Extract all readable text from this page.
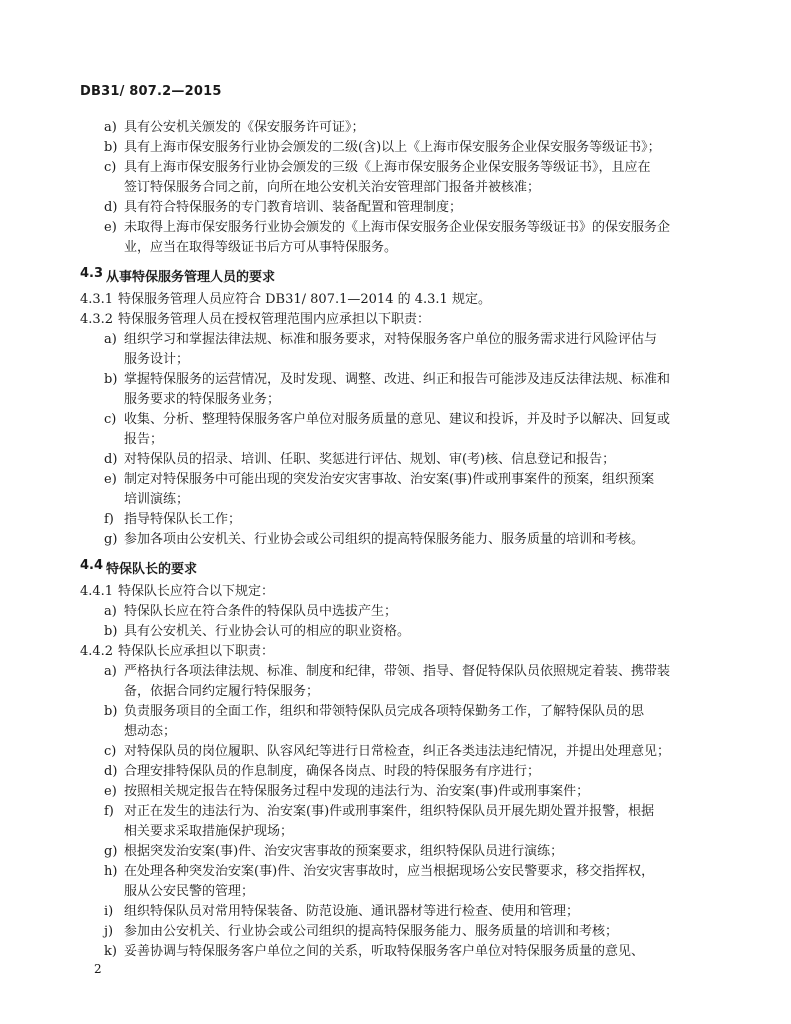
DB31/ 807.2—2015
a) 具有公安机关颁发的《保安服务许可证》；
b) 具有上海市保安服务行业协会颁发的二级(含)以上《上海市保安服务企业保安服务等级证书》；
c) 具有上海市保安服务行业协会颁发的三级《上海市保安服务企业保安服务等级证书》，且应在
签订特保服务合同之前，向所在地公安机关治安管理部门报备并被核准；
d) 具有符合特保服务的专门教育培训、装备配置和管理制度；
e) 未取得上海市保安服务行业协会颁发的《上海市保安服务企业保安服务等级证书》的保安服务企
业，应当在取得等级证书后方可从事特保服务。
4.3 从事特保服务管理人员的要求
4.3.1 特保服务管理人员应符合 DB31/ 807.1—2014 的 4.3.1 规定。
4.3.2 特保服务管理人员在授权管理范围内应承担以下职责：
a) 组织学习和掌握法律法规、标准和服务要求，对特保服务客户单位的服务需求进行风险评估与
服务设计；
b) 掌握特保服务的运营情况，及时发现、调整、改进、纠正和报告可能涉及违反法律法规、标准和
服务要求的特保服务业务；
c) 收集、分析、整理特保服务客户单位对服务质量的意见、建议和投诉，并及时予以解决、回复或
报告；
d) 对特保队员的招录、培训、任职、奖惩进行评估、规划、审(考)核、信息登记和报告；
e) 制定对特保服务中可能出现的突发治安灾害事故、治安案(事)件或刑事案件的预案，组织预案
培训演练；
f) 指导特保队长工作；
g) 参加各项由公安机关、行业协会或公司组织的提高特保服务能力、服务质量的培训和考核。
4.4 特保队长的要求
4.4.1 特保队长应符合以下规定：
a) 特保队长应在符合条件的特保队员中选拔产生；
b) 具有公安机关、行业协会认可的相应的职业资格。
4.4.2 特保队长应承担以下职责：
a) 严格执行各项法律法规、标准、制度和纪律，带领、指导、督促特保队员依照规定着装、携带装
备，依据合同约定履行特保服务；
b) 负责服务项目的全面工作，组织和带领特保队员完成各项特保勤务工作，了解特保队员的思
想动态；
c) 对特保队员的岗位履职、队容风纪等进行日常检查，纠正各类违法违纪情况，并提出处理意见；
d) 合理安排特保队员的作息制度，确保各岗点、时段的特保服务有序进行；
e) 按照相关规定报告在特保服务过程中发现的违法行为、治安案(事)件或刑事案件；
f) 对正在发生的违法行为、治安案(事)件或刑事案件，组织特保队员开展先期处置并报警，根据
相关要求采取措施保护现场；
g) 根据突发治安案(事)件、治安灾害事故的预案要求，组织特保队员进行演练；
h) 在处理各种突发治安案(事)件、治安灾害事故时，应当根据现场公安民警要求，移交指挥权，
服从公安民警的管理；
i) 组织特保队员对常用特保装备、防范设施、通讯器材等进行检查、使用和管理；
j) 参加由公安机关、行业协会或公司组织的提高特保服务能力、服务质量的培训和考核；
k) 妥善协调与特保服务客户单位之间的关系，听取特保服务客户单位对特保服务质量的意见、
2
